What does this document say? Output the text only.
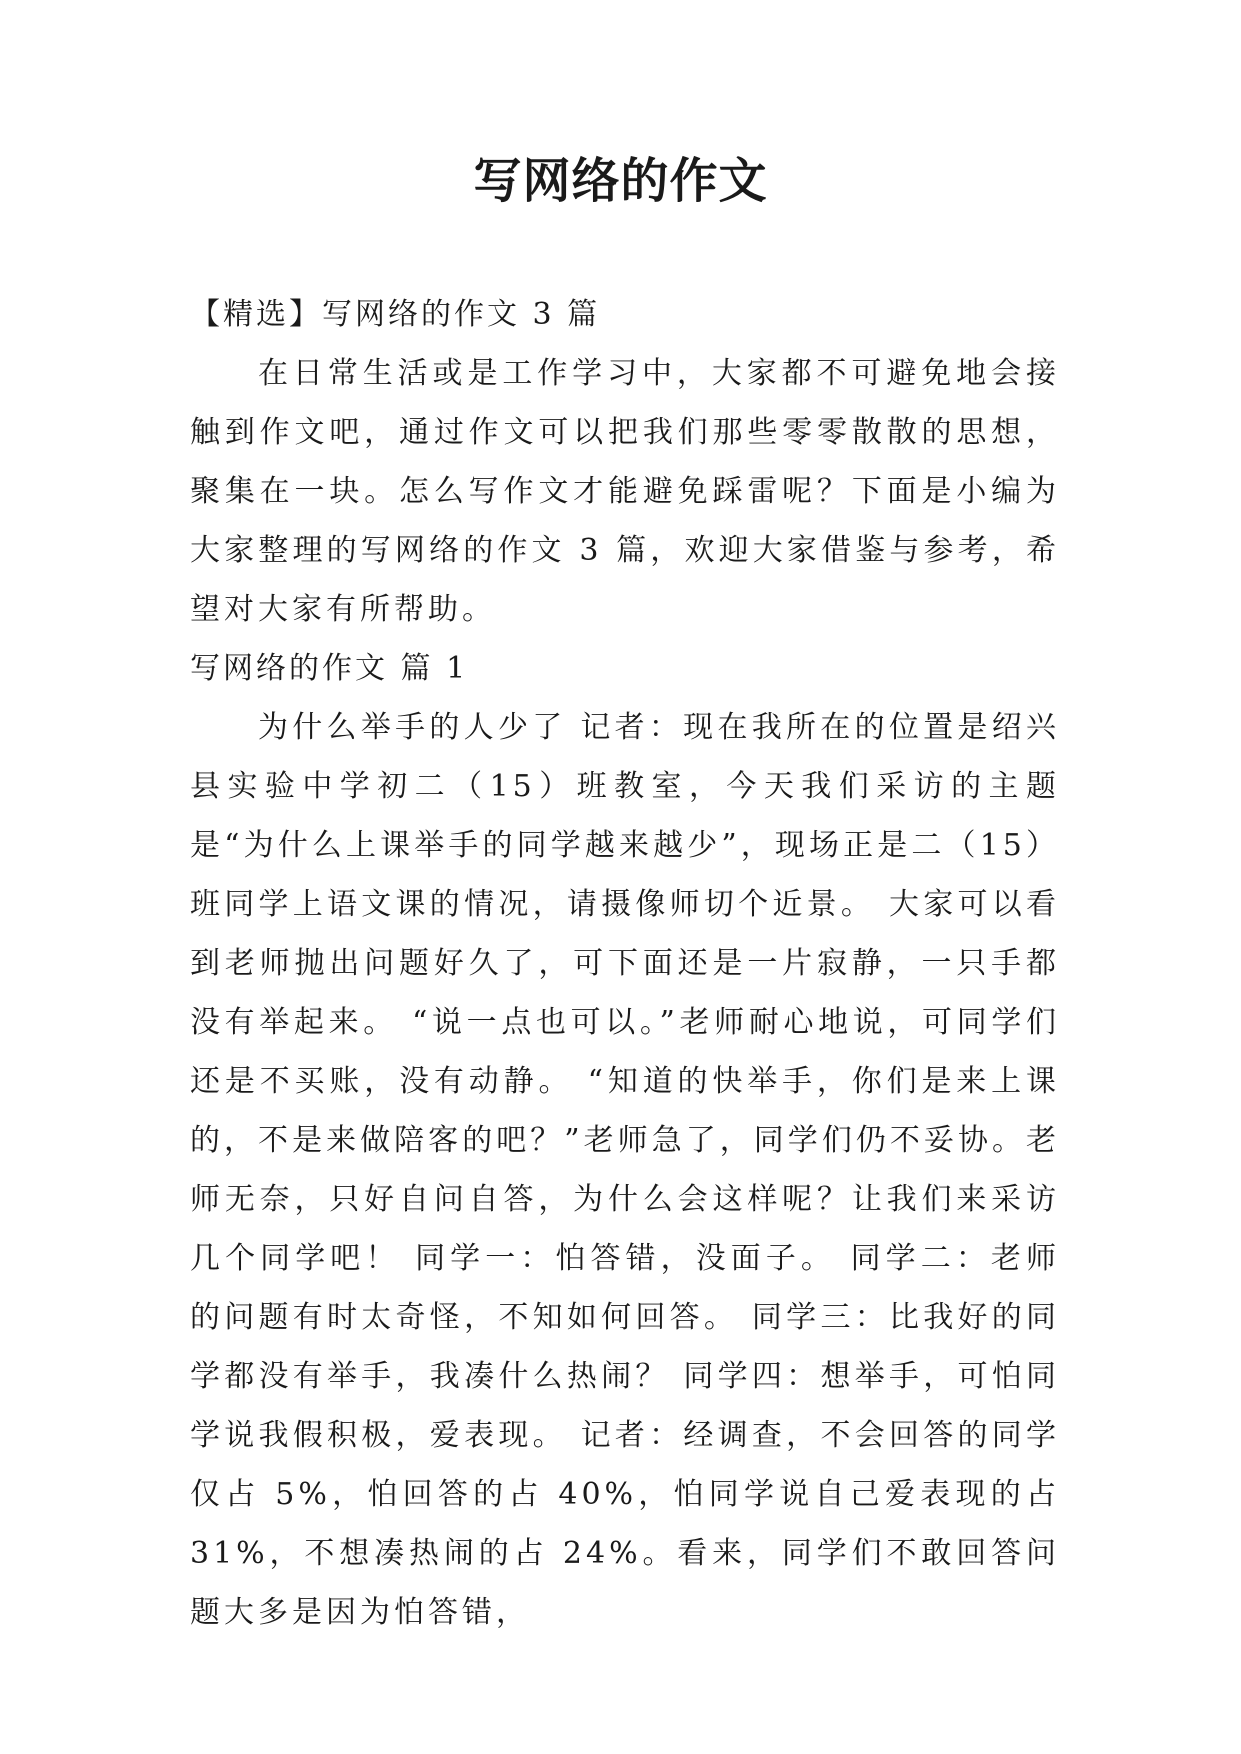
写网络的作文

【精选】写网络的作文 3 篇

在日常生活或是工作学习中，大家都不可避免地会接触到作文吧，通过作文可以把我们那些零零散散的思想，聚集在一块。怎么写作文才能避免踩雷呢？下面是小编为大家整理的写网络的作文 3 篇，欢迎大家借鉴与参考，希望对大家有所帮助。

写网络的作文 篇 1

为什么举手的人少了 记者：现在我所在的位置是绍兴县实验中学初二（15）班教室，今天我们采访的主题是“为什么上课举手的同学越来越少”，现场正是二（15）班同学上语文课的情况，请摄像师切个近景。 大家可以看到老师抛出问题好久了，可下面还是一片寂静，一只手都没有举起来。 “说一点也可以。”老师耐心地说，可同学们还是不买账，没有动静。 “知道的快举手，你们是来上课的，不是来做陪客的吧？”老师急了，同学们仍不妥协。老师无奈，只好自问自答，为什么会这样呢？让我们来采访几个同学吧！ 同学一：怕答错，没面子。 同学二：老师的问题有时太奇怪，不知如何回答。 同学三：比我好的同学都没有举手，我凑什么热闹？ 同学四：想举手，可怕同学说我假积极，爱表现。 记者：经调查，不会回答的同学仅占 5%，怕回答的占 40%，怕同学说自己爱表现的占 31%，不想凑热闹的占 24%。看来，同学们不敢回答问题大多是因为怕答错，
